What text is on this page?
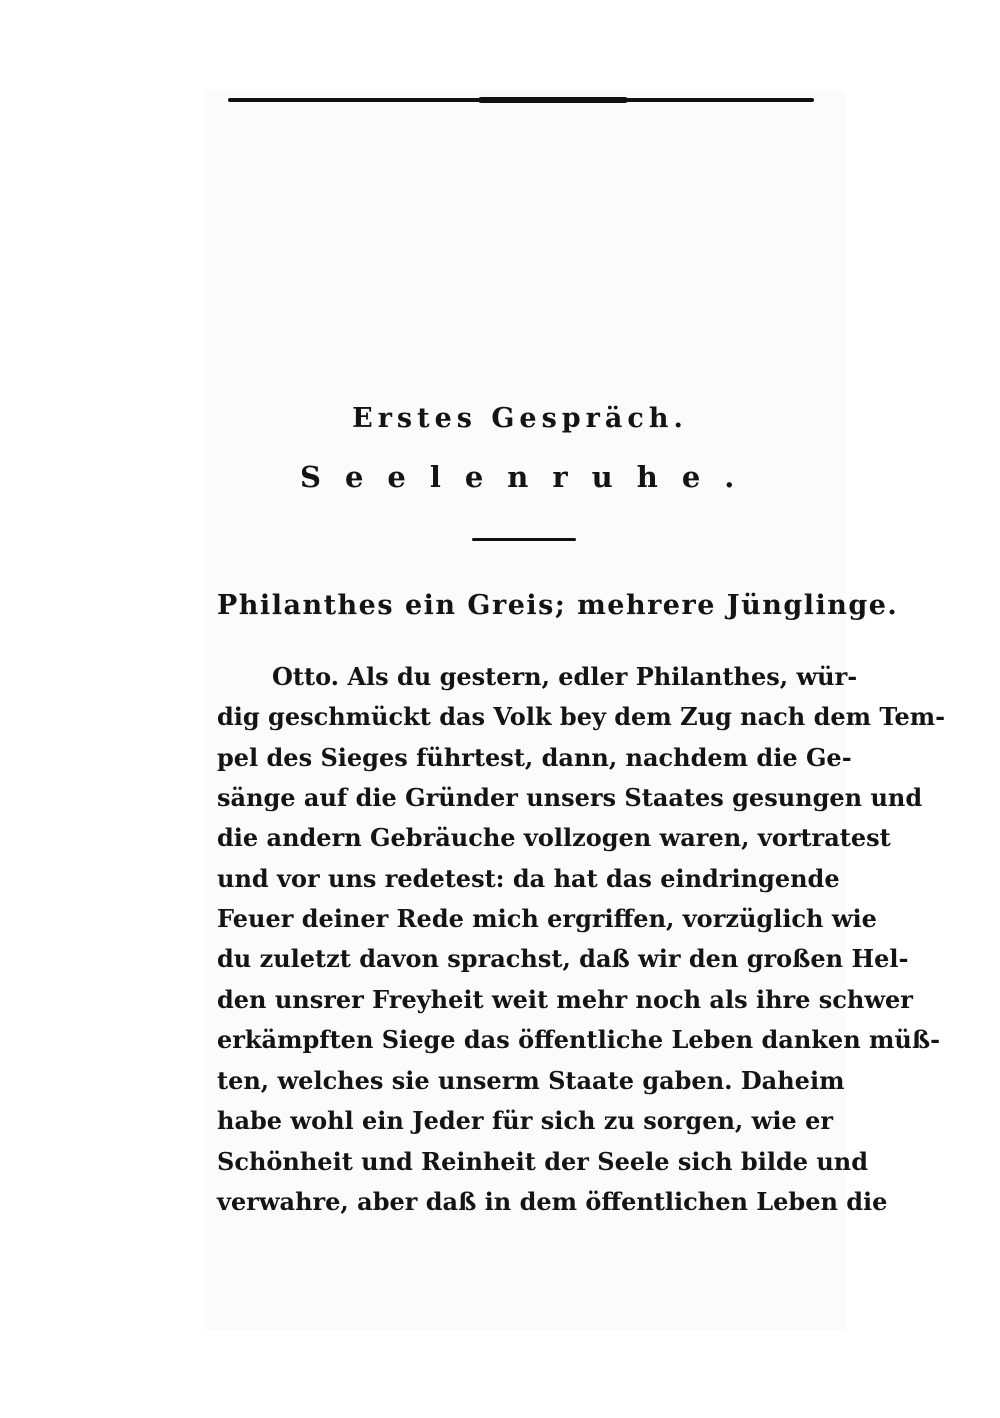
Erstes Gespräch.
Seelenruhe.

Philanthes ein Greis; mehrere Jünglinge.

Otto. Als du gestern, edler Philanthes, wür-
dig geschmückt das Volk bey dem Zug nach dem Tem-
pel des Sieges führtest, dann, nachdem die Ge-
sänge auf die Gründer unsers Staates gesungen und
die andern Gebräuche vollzogen waren, vortratest
und vor uns redetest: da hat das eindringende
Feuer deiner Rede mich ergriffen, vorzüglich wie
du zuletzt davon sprachst, daß wir den großen Hel-
den unsrer Freyheit weit mehr noch als ihre schwer
erkämpften Siege das öffentliche Leben danken müß-
ten, welches sie unserm Staate gaben. Daheim
habe wohl ein Jeder für sich zu sorgen, wie er
Schönheit und Reinheit der Seele sich bilde und
verwahre, aber daß in dem öffentlichen Leben die
